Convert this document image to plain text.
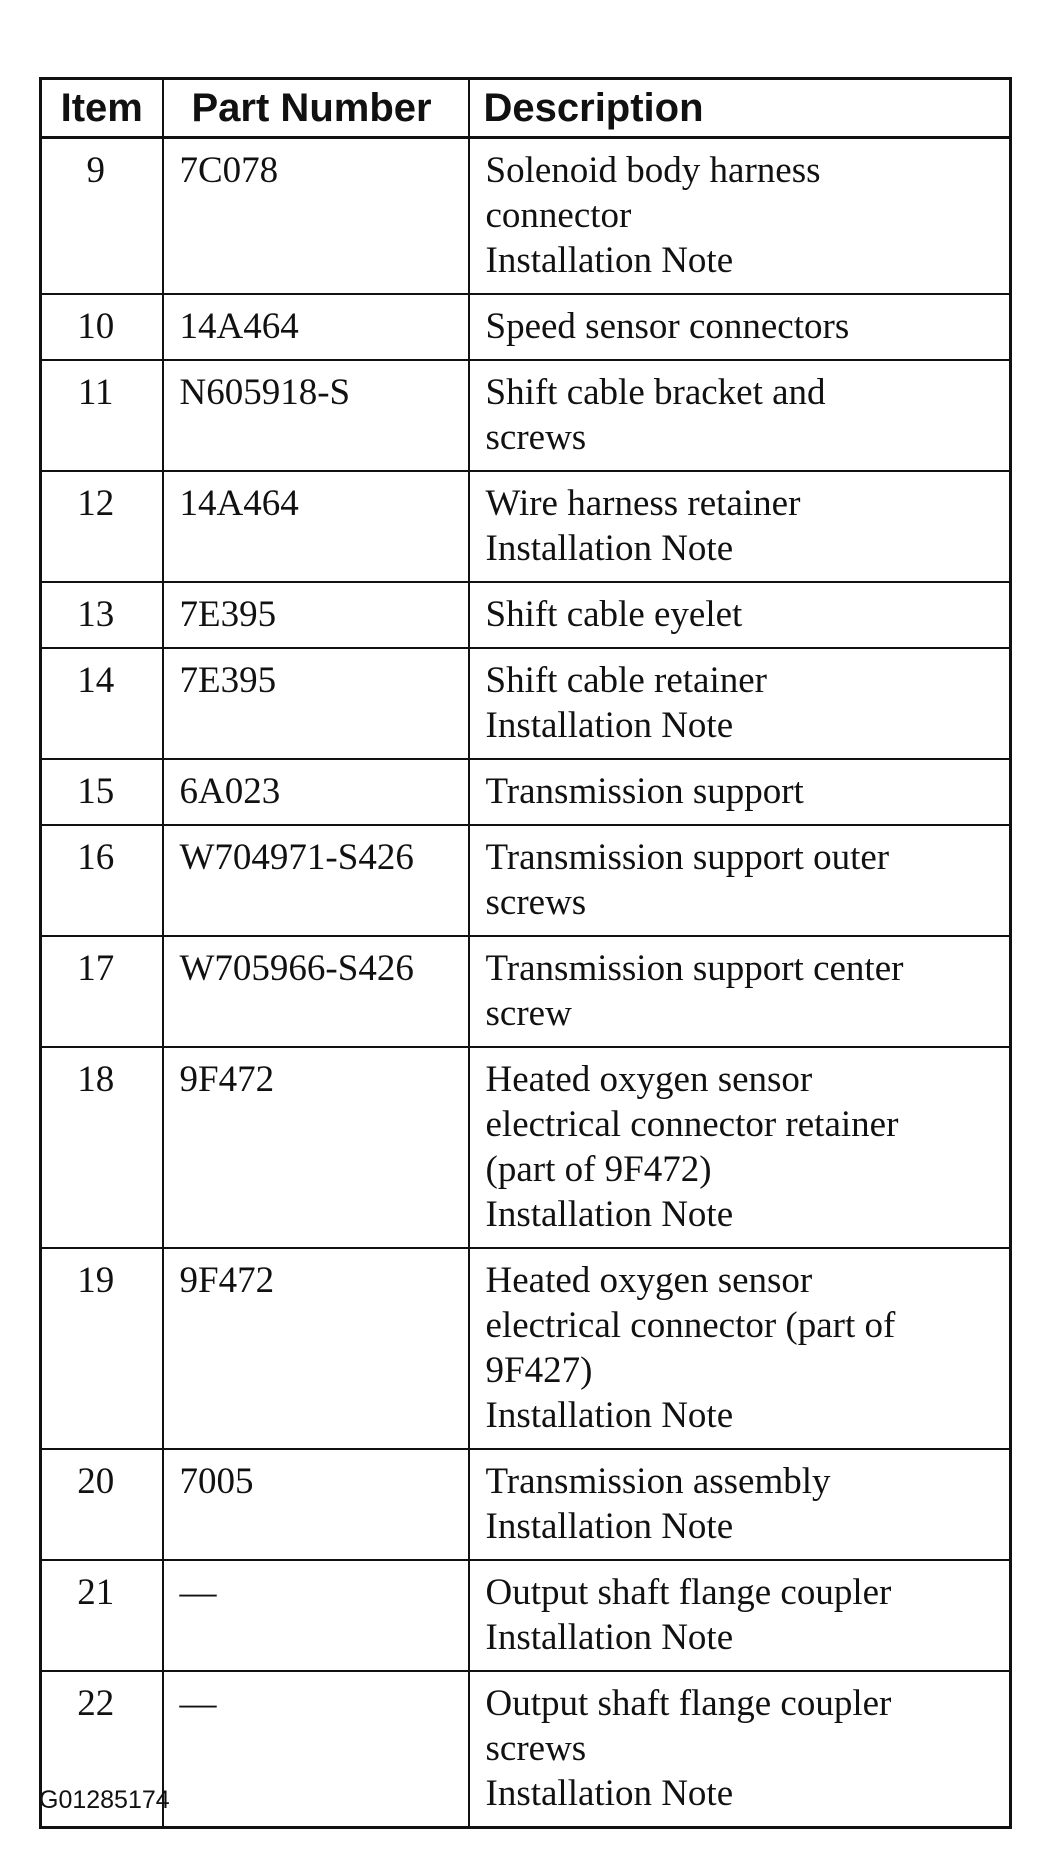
Item	Part Number	Description
9	7C078	Solenoid body harness
connector
Installation Note

10	14A464	Speed sensor connectors

11	N605918-S	Shift cable bracket and
screws

12	14A464	Wire harness retainer
Installation Note

13	7E395	Shift cable eyelet

14	7E395	Shift cable retainer
Installation Note

15	6A023	Transmission support

16	W704971-S426	Transmission support outer
screws

17	W705966-S426	Transmission support center
screw

18	9F472	Heated oxygen sensor
electrical connector retainer
(part of 9F472)
Installation Note

19	9F472	Heated oxygen sensor
electrical connector (part of
9F427)
Installation Note

20	7005	Transmission assembly
Installation Note

21	—	Output shaft flange coupler
Installation Note

22	—	Output shaft flange coupler
screws
Installation Note
G01285174
